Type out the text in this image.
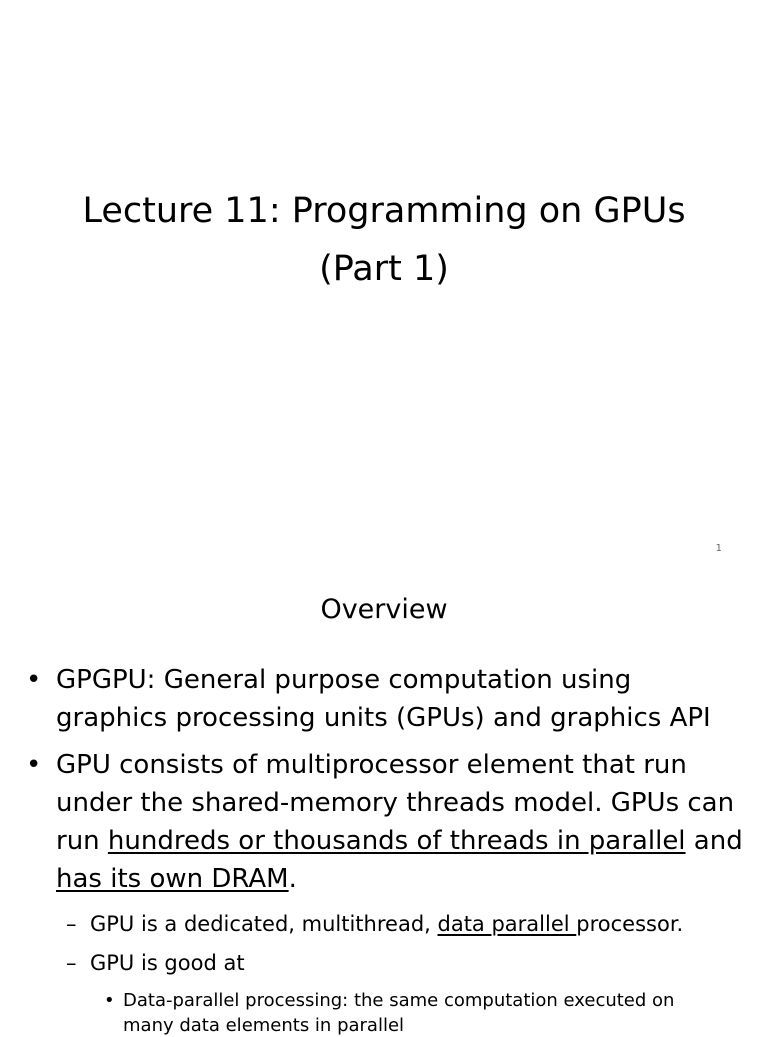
Lecture 11: Programming on GPUs
(Part 1)
1
Overview
• GPGPU: General purpose computation using
graphics processing units (GPUs) and graphics API
• GPU consists of multiprocessor element that run
under the shared-memory threads model. GPUs can
run hundreds or thousands of threads in parallel and
has its own DRAM.
– GPU is a dedicated, multithread, data parallel processor.
– GPU is good at
• Data-parallel processing: the same computation executed on
many data elements in parallel
